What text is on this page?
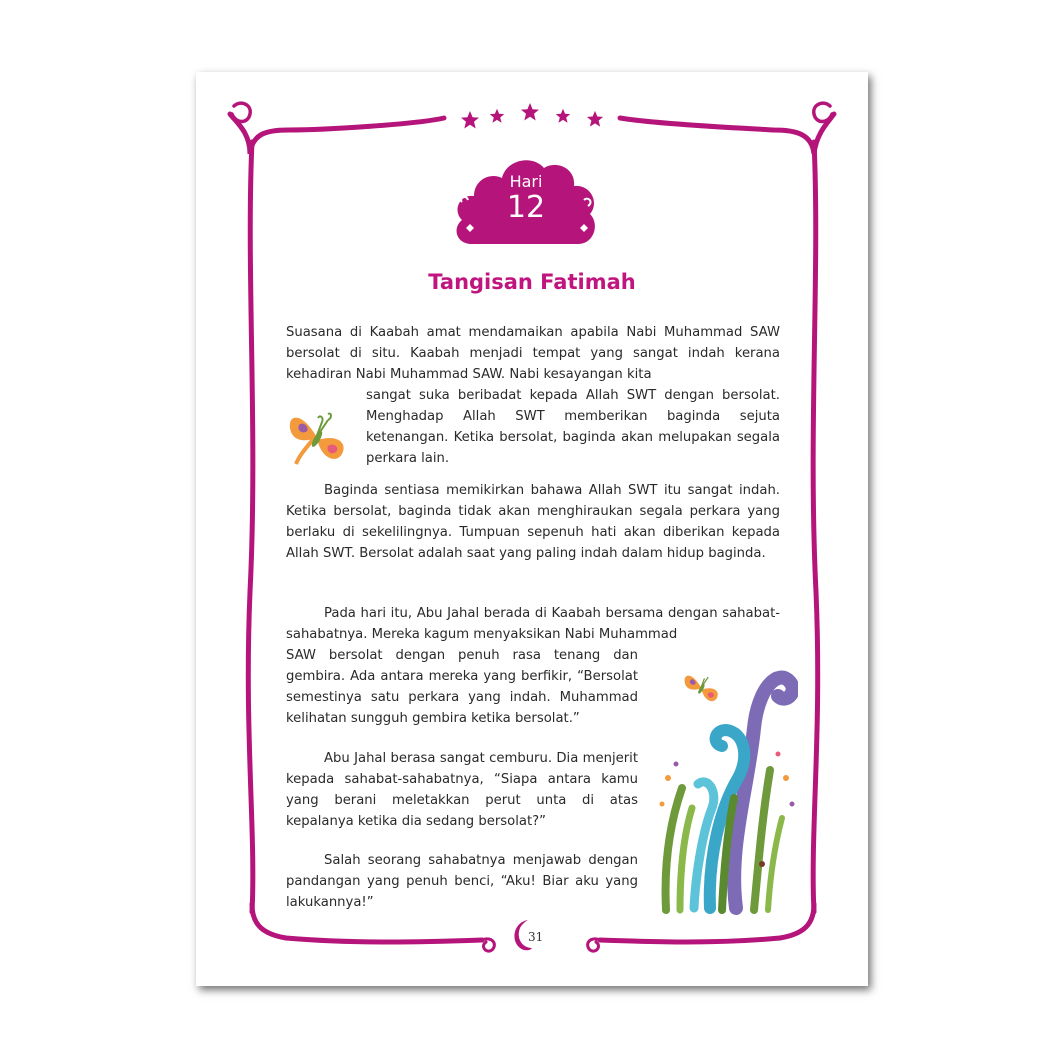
Hari
12
Tangisan Fatimah

Suasana di Kaabah amat mendamaikan apabila Nabi Muhammad SAW bersolat di situ. Kaabah menjadi tempat yang sangat indah kerana kehadiran Nabi Muhammad SAW. Nabi kesayangan kita

sangat suka beribadat kepada Allah SWT dengan bersolat. Menghadap Allah SWT memberikan baginda sejuta ketenangan. Ketika bersolat, baginda akan melupakan segala perkara lain.

Baginda sentiasa memikirkan bahawa Allah SWT itu sangat indah. Ketika bersolat, baginda tidak akan menghiraukan segala perkara yang berlaku di sekelilingnya. Tumpuan sepenuh hati akan diberikan kepada Allah SWT. Bersolat adalah saat yang paling indah dalam hidup baginda.

Pada hari itu, Abu Jahal berada di Kaabah bersama dengan sahabat-sahabatnya. Mereka kagum menyaksikan Nabi Muhammad

SAW bersolat dengan penuh rasa tenang dan gembira. Ada antara mereka yang berfikir, “Bersolat semestinya satu perkara yang indah. Muhammad kelihatan sungguh gembira ketika bersolat.”

Abu Jahal berasa sangat cemburu. Dia menjerit kepada sahabat-sahabatnya, “Siapa antara kamu yang berani meletakkan perut unta di atas kepalanya ketika dia sedang bersolat?”

Salah seorang sahabatnya menjawab dengan pandangan yang penuh benci, “Aku! Biar aku yang lakukannya!”

31
